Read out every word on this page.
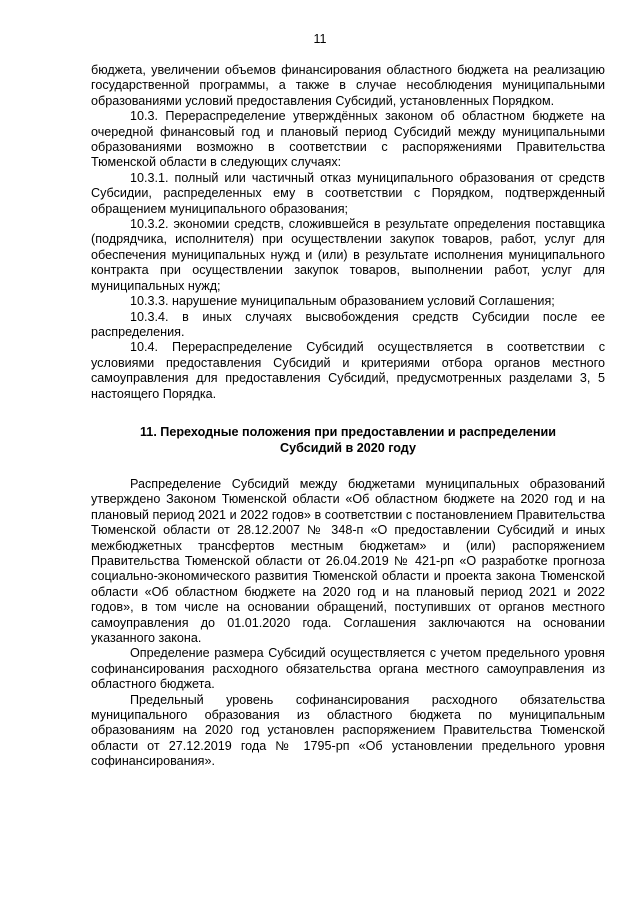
11

бюджета, увеличении объемов финансирования областного бюджета на реализацию государственной программы, а также в случае несоблюдения муниципальными образованиями условий предоставления Субсидий, установленных Порядком.

10.3. Перераспределение утверждённых законом об областном бюджете на очередной финансовый год и плановый период Субсидий между муниципальными образованиями возможно в соответствии с распоряжениями Правительства Тюменской области в следующих случаях:

10.3.1. полный или частичный отказ муниципального образования от средств Субсидии, распределенных ему в соответствии с Порядком, подтвержденный обращением муниципального образования;

10.3.2. экономии средств, сложившейся в результате определения поставщика (подрядчика, исполнителя) при осуществлении закупок товаров, работ, услуг для обеспечения муниципальных нужд и (или) в результате исполнения муниципального контракта при осуществлении закупок товаров, выполнении работ, услуг для муниципальных нужд;

10.3.3. нарушение муниципальным образованием условий Соглашения;

10.3.4. в иных случаях высвобождения средств Субсидии после ее распределения.

10.4. Перераспределение Субсидий осуществляется в соответствии с условиями предоставления Субсидий и критериями отбора органов местного самоуправления для предоставления Субсидий, предусмотренных разделами 3, 5 настоящего Порядка.

11. Переходные положения при предоставлении и распределении
Субсидий в 2020 году

Распределение Субсидий между бюджетами муниципальных образований утверждено Законом Тюменской области «Об областном бюджете на 2020 год и на плановый период 2021 и 2022 годов» в соответствии с постановлением Правительства Тюменской области от 28.12.2007 № 348-п «О предоставлении Субсидий и иных межбюджетных трансфертов местным бюджетам» и (или) распоряжением Правительства Тюменской области от 26.04.2019 № 421-рп «О разработке прогноза социально-экономического развития Тюменской области и проекта закона Тюменской области «Об областном бюджете на 2020 год и на плановый период 2021 и 2022 годов», в том числе на основании обращений, поступивших от органов местного самоуправления до 01.01.2020 года. Соглашения заключаются на основании указанного закона.

Определение размера Субсидий осуществляется с учетом предельного уровня софинансирования расходного обязательства органа местного самоуправления из областного бюджета.

Предельный уровень софинансирования расходного обязательства муниципального образования из областного бюджета по муниципальным образованиям на 2020 год установлен распоряжением Правительства Тюменской области от 27.12.2019 года № 1795-рп «Об установлении предельного уровня софинансирования».
